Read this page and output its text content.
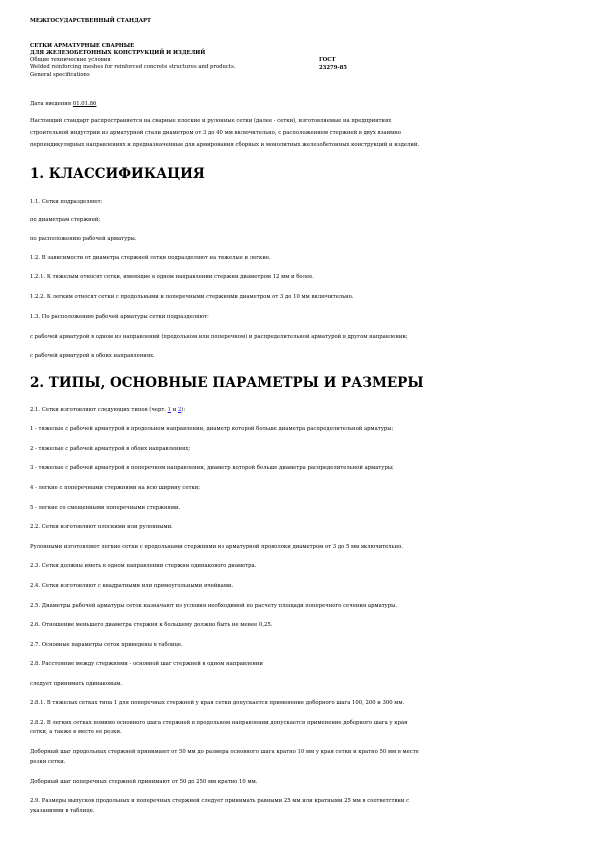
МЕЖГОСУДАРСТВЕННЫЙ СТАНДАРТ
СЕТКИ АРМАТУРНЫЕ СВАРНЫЕ
ДЛЯ ЖЕЛЕЗОБЕТОННЫХ КОНСТРУКЦИЙ И ИЗДЕЛИЙ
Общие технические условия
Welded reinforcing meshes for reinforced concrete structures and products.
General specifications
ГОСТ
23279-85
Дата введения 01.01.86
Настоящий стандарт распространяется на сварные плоские и рулонные сетки (далее - сетки), изготовляемые на предприятиях
строительной индустрии из арматурной стали диаметром от 3 до 40 мм включительно, с расположением стержней в двух взаимно
перпендикулярных направлениях и предназначенные для армирования сборных и монолитных железобетонных конструкций и изделий.
1. КЛАССИФИКАЦИЯ
1.1. Сетки подразделяют:
по диаметрам стержней;
по расположению рабочей арматуры.
1.2. В зависимости от диаметра стержней сетки подразделяют на тяжелые и легкие.
1.2.1. К тяжелым относят сетки, имеющие в одном направлении стержни диаметром 12 мм и более.
1.2.2. К легким относят сетки с продольными и поперечными стержнями диаметром от 3 до 10 мм включительно.
1.3. По расположению рабочей арматуры сетки подразделяют:
с рабочей арматурой в одном из направлений (продольном или поперечном) и распределительной арматурой в другом направлении;
с рабочей арматурой в обоих направлениях.
2. ТИПЫ, ОСНОВНЫЕ ПАРАМЕТРЫ И РАЗМЕРЫ
2.1. Сетки изготовляют следующих типов (черт. 1 и 2):
1 - тяжелые с рабочей арматурой в продольном направлении, диаметр которой больше диаметра распределительной арматуры;
2 - тяжелые с рабочей арматурой в обоих направлениях;
3 - тяжелые с рабочей арматурой в поперечном направлении, диаметр которой больше диаметра распределительной арматуры;
4 - легкие с поперечными стержнями на всю ширину сетки;
5 - легкие со смещенными поперечными стержнями.
2.2. Сетки изготовляют плоскими или рулонными.
Рулонными изготовляют легкие сетки с продольными стержнями из арматурной проволоки диаметром от 3 до 5 мм включительно.
2.3. Сетки должны иметь в одном направлении стержни одинакового диаметра.
2.4. Сетки изготовляют с квадратными или прямоугольными ячейками.
2.5. Диаметры рабочей арматуры сеток назначают из условия необходимой по расчету площади поперечного сечения арматуры.
2.6. Отношение меньшего диаметра стержня к большему должно быть не менее 0,25.
2.7. Основные параметры сеток приведены в таблице.
2.8. Расстояние между стержнями - основной шаг стержней в одном направлении
следует принимать одинаковым.
2.8.1. В тяжелых сетках типа 1 для поперечных стержней у края сетки допускается применение доборного шага 100, 200 и 300 мм.
2.8.2. В легких сетках помимо основного шага стержней в продольном направлении допускается применение доборного шага у края
сетки, а также в месте ее резки.
Доборный шаг продольных стержней принимают от 50 мм до размера основного шага кратно 10 мм у края сетки и кратно 50 мм в месте
резки сетки.
Доборный шаг поперечных стержней принимают от 50 до 250 мм кратно 10 мм.
2.9. Размеры выпусков продольных и поперечных стержней следует принимать равными 25 мм или кратными 25 мм в соответствии с
указаниями в таблице.
